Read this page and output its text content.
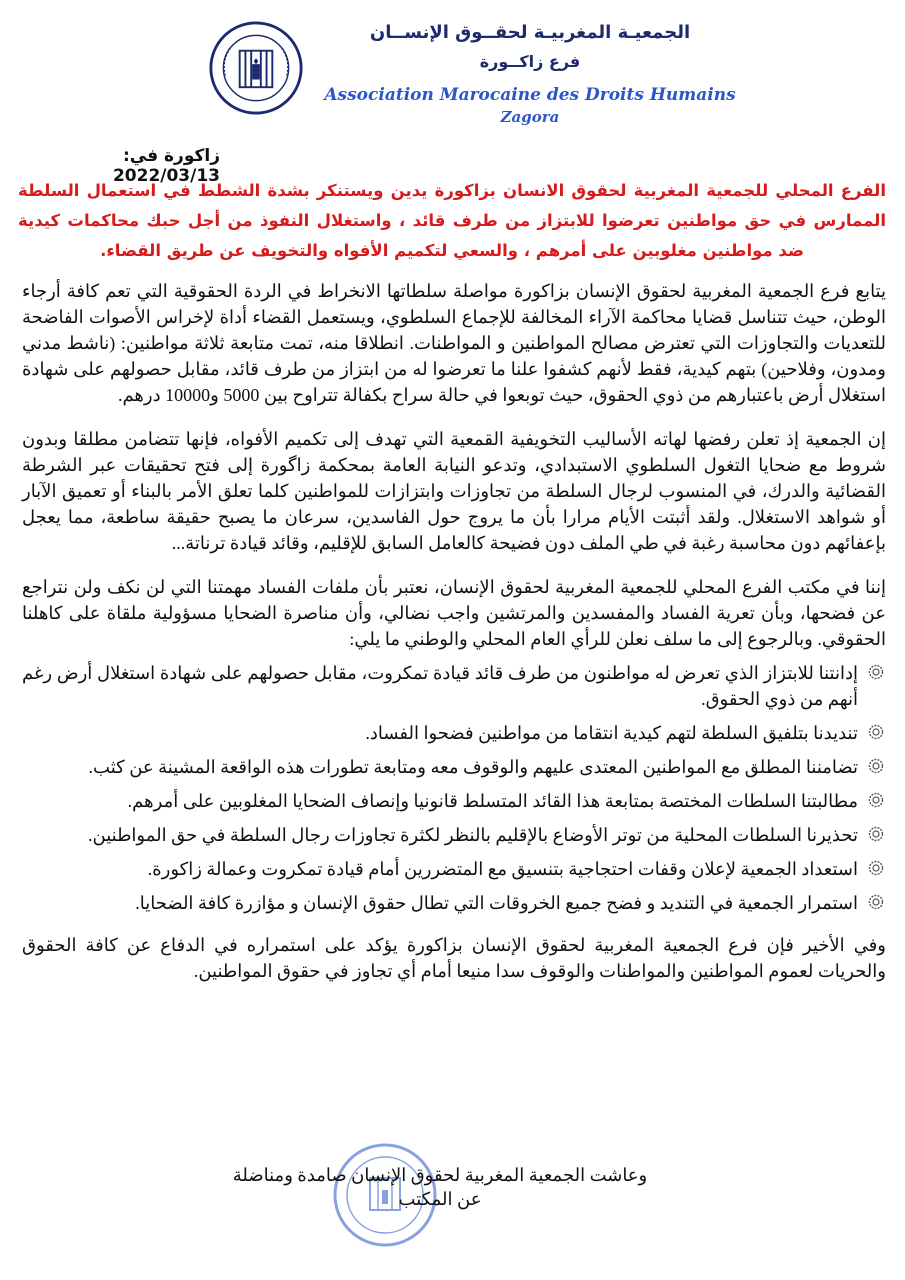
الجمعيـة المغربيـة لحقــوق الإنســان
فرع زاكــورة
Association Marocaine des Droits Humains
Zagora
زاكورة في: 2022/03/13
الفرع المحلي للجمعية المغربية لحقوق الانسان بزاكورة يدين ويستنكر بشدة الشطط في استعمال السلطة الممارس في حق مواطنين تعرضوا للابتزاز من طرف قائد ، واستغلال النفوذ من أجل حبك محاكمات كيدية ضد مواطنين مغلوبين على أمرهم ، والسعي لتكميم الأفواه والتخويف عن طريق القضاء.

يتابع فرع الجمعية المغربية لحقوق الإنسان بزاكورة مواصلة سلطاتها الانخراط في الردة الحقوقية التي تعم كافة أرجاء الوطن، حيث تتناسل قضايا محاكمة الآراء المخالفة للإجماع السلطوي، ويستعمل القضاء أداة لإخراس الأصوات الفاضحة للتعديات والتجاوزات التي تعترض مصالح المواطنين و المواطنات. انطلاقا منه، تمت متابعة ثلاثة مواطنين: (ناشط مدني ومدون، وفلاحين) بتهم كيدية، فقط لأنهم كشفوا علنا ما تعرضوا له من ابتزاز من طرف قائد، مقابل حصولهم على شهادة استغلال أرض باعتبارهم من ذوي الحقوق، حيث توبعوا في حالة سراح بكفالة تتراوح بين 5000 و10000 درهم.

إن الجمعية إذ تعلن رفضها لهاته الأساليب التخويفية القمعية التي تهدف إلى تكميم الأفواه، فإنها تتضامن مطلقا وبدون شروط مع ضحايا التغول السلطوي الاستبدادي، وتدعو النيابة العامة بمحكمة زاگورة إلى فتح تحقيقات عبر الشرطة القضائية والدرك، في المنسوب لرجال السلطة من تجاوزات وابتزازات للمواطنين كلما تعلق الأمر بالبناء أو تعميق الآبار أو شواهد الاستغلال. ولقد أثبتت الأيام مرارا بأن ما يروج حول الفاسدين، سرعان ما يصبح حقيقة ساطعة، مما يعجل بإعفائهم دون محاسبة رغبة في طي الملف دون فضيحة كالعامل السابق للإقليم، وقائد قيادة ترناتة...

إننا في مكتب الفرع المحلي للجمعية المغربية لحقوق الإنسان، نعتبر بأن ملفات الفساد مهمتنا التي لن نكف ولن نتراجع عن فضحها، وبأن تعرية الفساد والمفسدين والمرتشين واجب نضالي، وأن مناصرة الضحايا مسؤولية ملقاة على كاهلنا الحقوقي. وبالرجوع إلى ما سلف نعلن للرأي العام المحلي والوطني ما يلي:

إدانتنا للابتزاز الذي تعرض له مواطنون من طرف قائد قيادة تمكروت، مقابل حصولهم على شهادة استغلال أرض رغم أنهم من ذوي الحقوق.
تنديدنا بتلفيق السلطة لتهم كيدية انتقاما من مواطنين فضحوا الفساد.
تضامننا المطلق مع المواطنين المعتدى عليهم والوقوف معه ومتابعة تطورات هذه الواقعة المشينة عن كثب.
مطالبتنا السلطات المختصة بمتابعة هذا القائد المتسلط قانونيا وإنصاف الضحايا المغلوبين على أمرهم.
تحذيرنا السلطات المحلية من توتر الأوضاع بالإقليم بالنظر لكثرة تجاوزات رجال السلطة في حق المواطنين.
استعداد الجمعية لإعلان وقفات احتجاجية بتنسيق مع المتضررين أمام قيادة تمكروت وعمالة زاكورة.
استمرار الجمعية في التنديد و فضح جميع الخروقات التي تطال حقوق الإنسان و مؤازرة كافة الضحايا.

وفي الأخير فإن فرع الجمعية المغربية لحقوق الإنسان بزاكورة يؤكد على استمراره في الدفاع عن كافة الحقوق والحريات لعموم المواطنين والمواطنات والوقوف سدا منيعا أمام أي تجاوز في حقوق المواطنين.

وعاشت الجمعية المغربية لحقوق الإنسان صامدة ومناضلة
عن المكتب
